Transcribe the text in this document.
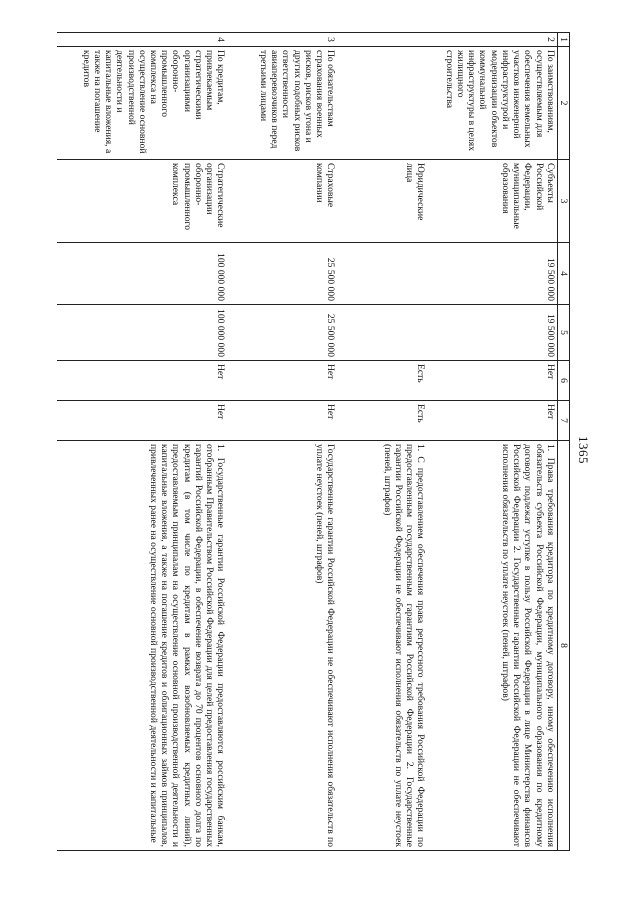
1365
1	2	3	4	5	6	7	8
2	По заимствованиям, осуществляемым для обеспечения земельных участков инженерной инфраструктурой и модернизации объектов коммунальной инфраструктуры в целях жилищного строительства	Субъекты Российской Федерации, муниципальные образования	19 500 000	19 500 000	Нет	Нет	1. Права требования кредитора по кредитному договору, иному обеспечению исполнения обязательств субъекта Российской Федерации, муниципального образования по кредитному договору подлежат уступке в пользу Российской Федерации в лице Министерства финансов Российской Федерации 2. Государственные гарантии Российской Федерации не обеспечивают исполнения обязательств по уплате неустоек (пеней, штрафов)
		Юридические лица			Есть	Есть	1. С предоставлением обеспечения права регрессного требования Российской Федерации по предоставленным государственным гарантиям Российской Федерации 2. Государственные гарантии Российской Федерации не обеспечивают исполнения обязательств по уплате неустоек (пеней, штрафов)
3	По обязательствам страхования военных рисков, рисков угона и других подобных рисков ответственности авиаперевозчиков перед третьими лицами	Страховые компании	25 500 000	25 500 000	Нет	Нет	Государственные гарантии Российской Федерации не обеспечивают исполнения обязательств по уплате неустоек (пеней, штрафов)
4	По кредитам, привлекаемым стратегическими организациями оборонно-промышленного комплекса на осуществление основной производственной деятельности и капитальные вложения, а также на погашение кредитов	Стратегические организации оборонно-промышленного комплекса	100 000 000	100 000 000	Нет	Нет	1. Государственные гарантии Российской Федерации предоставляются российским банкам, отобранным Правительством Российской Федерации для целей предоставления государственных гарантий Российской Федерации, в обеспечение возврата до 70 процентов основного долга по кредитам (в том числе по кредитам в рамках возобновляемых кредитных линий), предоставляемым принципалам на осуществление основной производственной деятельности и капитальные вложения, а также на погашение кредитов и облигационных займов принципалов, привлеченных ранее на осуществление основной производственной деятельности и капитальные
